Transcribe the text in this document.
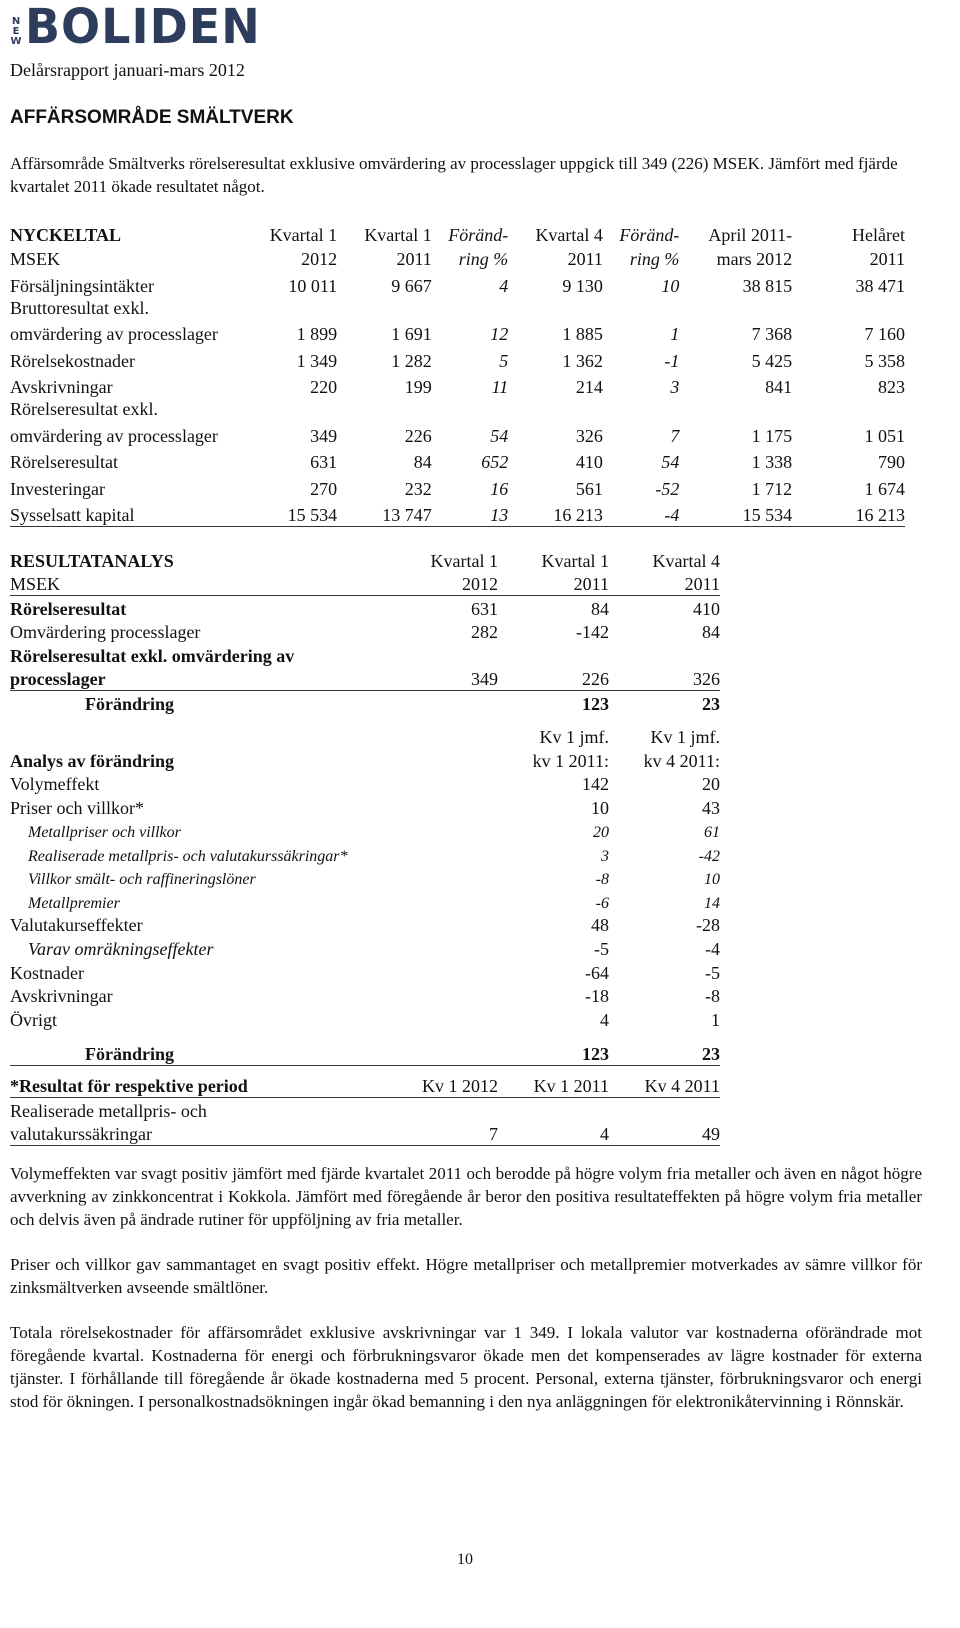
N
E
W BOLIDEN
Delårsrapport januari-mars 2012
AFFÄRSOMRÅDE SMÄLTVERK
Affärsområde Smältverks rörelseresultat exklusive omvärdering av processlager uppgick till 349 (226) MSEK. Jämfört med fjärde kvartalet 2011 ökade resultatet något.
NYCKELTAL	Kvartal 1	Kvartal 1	Föränd-	Kvartal 4	Föränd-	April 2011-	Helåret
MSEK	2012	2011	ring %	2011	ring %	mars 2012	2011
Försäljningsintäkter	10 011	9 667	4	9 130	10	38 815	38 471
Bruttoresultat exkl.							
omvärdering av processlager	1 899	1 691	12	1 885	1	7 368	7 160
Rörelsekostnader	1 349	1 282	5	1 362	-1	5 425	5 358
Avskrivningar	220	199	11	214	3	841	823
Rörelseresultat exkl.							
omvärdering av processlager	349	226	54	326	7	1 175	1 051
Rörelseresultat	631	84	652	410	54	1 338	790
Investeringar	270	232	16	561	-52	1 712	1 674
Sysselsatt kapital	15 534	13 747	13	16 213	-4	15 534	16 213
RESULTATANALYS	Kvartal 1	Kvartal 1	Kvartal 4
MSEK	2012	2011	2011
Rörelseresultat	631	84	410
Omvärdering processlager	282	-142	84
Rörelseresultat exkl. omvärdering av			
processlager	349	226	326
Förändring		123	23

		Kv 1 jmf.	Kv 1 jmf.
Analys av förändring		kv 1 2011:	kv 4 2011:
Volymeffekt		142	20
Priser och villkor*		10	43
Metallpriser och villkor		20	61
Realiserade metallpris- och valutakurssäkringar*		3	-42
Villkor smält- och raffineringslöner		-8	10
Metallpremier		-6	14
Valutakurseffekter		48	-28
Varav omräkningseffekter		-5	-4
Kostnader		-64	-5
Avskrivningar		-18	-8
Övrigt		4	1
Förändring		123	23

*Resultat för respektive period	Kv 1 2012	Kv 1 2011	Kv 4 2011
Realiserade metallpris- och			
valutakurssäkringar	7	4	49
Volymeffekten var svagt positiv jämfört med fjärde kvartalet 2011 och berodde på högre volym fria metaller och även en något högre avverkning av zinkkoncentrat i Kokkola. Jämfört med föregående år beror den positiva resultateffekten på högre volym fria metaller och delvis även på ändrade rutiner för uppföljning av fria metaller.
Priser och villkor gav sammantaget en svagt positiv effekt. Högre metallpriser och metallpremier motverkades av sämre villkor för zinksmältverken avseende smältlöner.
Totala rörelsekostnader för affärsområdet exklusive avskrivningar var 1 349. I lokala valutor var kostnaderna oförändrade mot föregående kvartal. Kostnaderna för energi och förbrukningsvaror ökade men det kompenserades av lägre kostnader för externa tjänster. I förhållande till föregående år ökade kostnaderna med 5 procent. Personal, externa tjänster, förbrukningsvaror och energi stod för ökningen. I personalkostnadsökningen ingår ökad bemanning i den nya anläggningen för elektronikåtervinning i Rönnskär.
10
